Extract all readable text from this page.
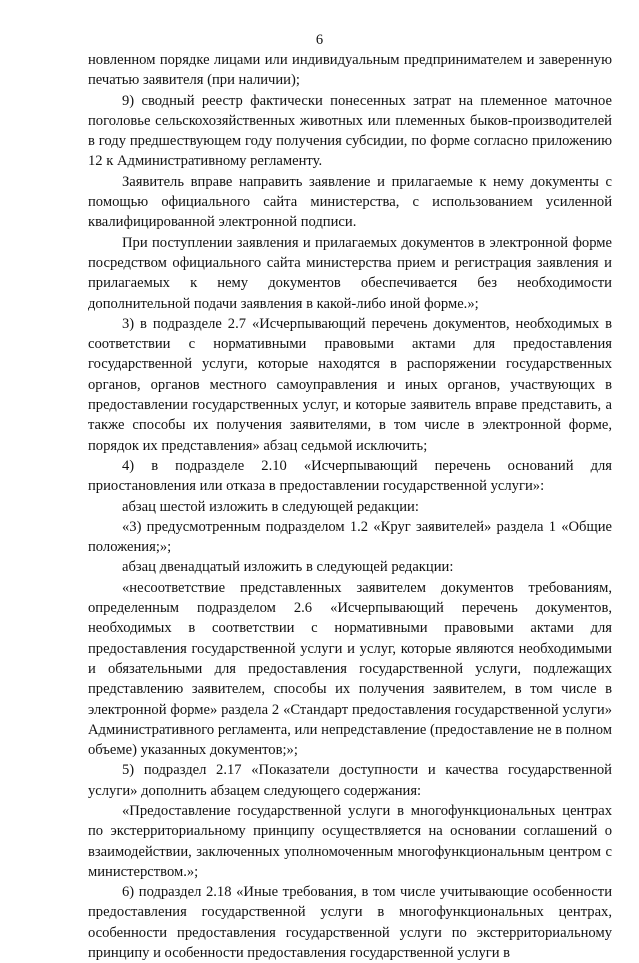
6

новленном порядке лицами или индивидуальным предпринимателем и заверенную печатью заявителя (при наличии);

9) сводный реестр фактически понесенных затрат на племенное маточное поголовье сельскохозяйственных животных или племенных быков-производителей в году предшествующем году получения субсидии, по форме согласно приложению 12 к Административному регламенту.

Заявитель вправе направить заявление и прилагаемые к нему документы с помощью официального сайта министерства, с использованием усиленной квалифицированной электронной подписи.

При поступлении заявления и прилагаемых документов в электронной форме посредством официального сайта министерства прием и регистрация заявления и прилагаемых к нему документов обеспечивается без необходимости дополнительной подачи заявления в какой-либо иной форме.»;

3) в подразделе 2.7 «Исчерпывающий перечень документов, необходимых в соответствии с нормативными правовыми актами для предоставления государственной услуги, которые находятся в распоряжении государственных органов, органов местного самоуправления и иных органов, участвующих в предоставлении государственных услуг, и которые заявитель вправе представить, а также способы их получения заявителями, в том числе в электронной форме, порядок их представления» абзац седьмой исключить;

4) в подразделе 2.10 «Исчерпывающий перечень оснований для приостановления или отказа в предоставлении государственной услуги»:

абзац шестой изложить в следующей редакции:

«3) предусмотренным подразделом 1.2 «Круг заявителей» раздела 1 «Общие положения;»;

абзац двенадцатый изложить в следующей редакции:

«несоответствие представленных заявителем документов требованиям, определенным подразделом 2.6 «Исчерпывающий перечень документов, необходимых в соответствии с нормативными правовыми актами для предоставления государственной услуги и услуг, которые являются необходимыми и обязательными для предоставления государственной услуги, подлежащих представлению заявителем, способы их получения заявителем, в том числе в электронной форме» раздела 2 «Стандарт предоставления государственной услуги» Административного регламента, или непредставление (предоставление не в полном объеме) указанных документов;»;

5) подраздел 2.17 «Показатели доступности и качества государственной услуги» дополнить абзацем следующего содержания:

«Предоставление государственной услуги в многофункциональных центрах по экстерриториальному принципу осуществляется на основании соглашений о взаимодействии, заключенных уполномоченным многофункциональным центром с министерством.»;

6) подраздел 2.18 «Иные требования, в том числе учитывающие особенности предоставления государственной услуги в многофункциональных центрах, особенности предоставления государственной услуги по экстерриториальному принципу и особенности предоставления государственной услуги в
